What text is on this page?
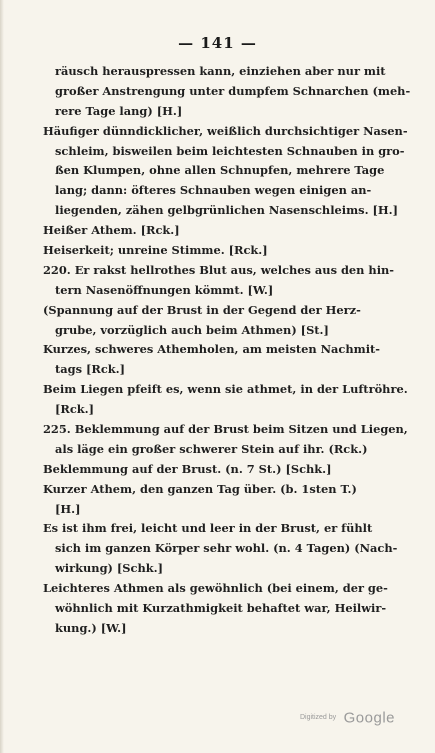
— 141 —
räusch herauspressen kann, einziehen aber nur mit
großer Anstrengung unter dumpfem Schnarchen (meh-
rere Tage lang) [H.]
Häufiger dünndicklicher, weißlich durchsichtiger Nasen-
schleim, bisweilen beim leichtesten Schnauben in gro-
ßen Klumpen, ohne allen Schnupfen, mehrere Tage
lang; dann: öfteres Schnauben wegen einigen an-
liegenden, zähen gelbgrünlichen Nasenschleims. [H.]
Heißer Athem. [Rck.]
Heiserkeit; unreine Stimme. [Rck.]
220. Er rakst hellrothes Blut aus, welches aus den hin-
tern Nasenöffnungen kömmt. [W.]
(Spannung auf der Brust in der Gegend der Herz-
grube, vorzüglich auch beim Athmen) [St.]
Kurzes, schweres Athemholen, am meisten Nachmit-
tags [Rck.]
Beim Liegen pfeift es, wenn sie athmet, in der Luftröhre.
[Rck.]
225. Beklemmung auf der Brust beim Sitzen und Liegen,
als läge ein großer schwerer Stein auf ihr. (Rck.)
Beklemmung auf der Brust. (n. 7 St.) [Schk.]
Kurzer Athem, den ganzen Tag über. (b. 1sten T.)
[H.]
Es ist ihm frei, leicht und leer in der Brust, er fühlt
sich im ganzen Körper sehr wohl. (n. 4 Tagen) (Nach-
wirkung) [Schk.]
Leichteres Athmen als gewöhnlich (bei einem, der ge-
wöhnlich mit Kurzathmigkeit behaftet war, Heilwir-
kung.) [W.]
Digitized by Google
